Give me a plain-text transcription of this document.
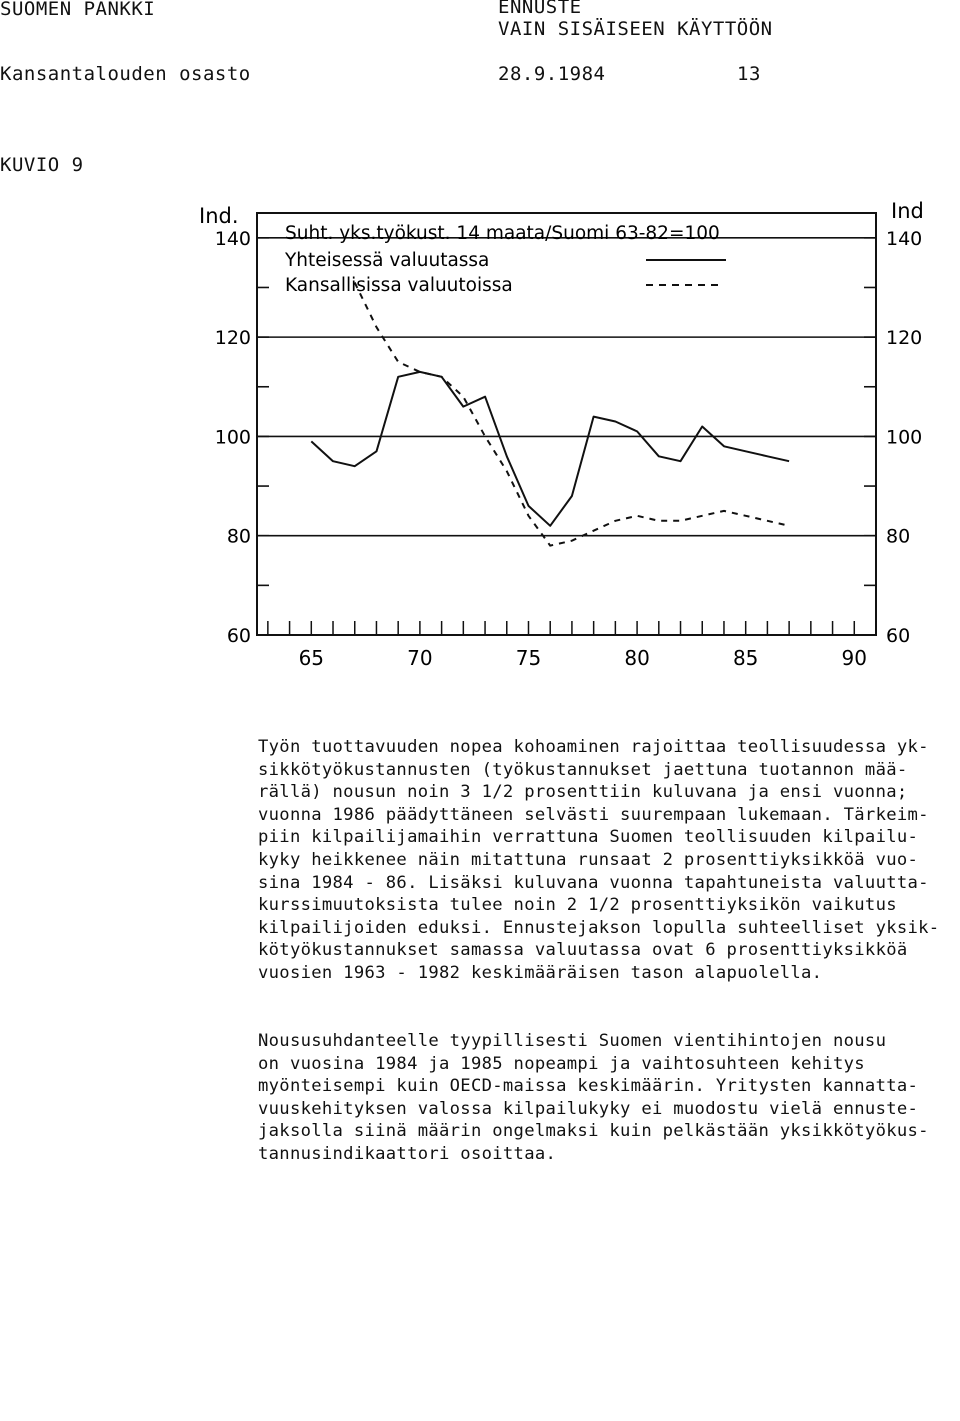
SUOMEN PANKKI	ENNUSTE
VAIN SISÄISEEN KÄYTTÖÖN
Kansantalouden osasto	28.9.1984	13
KUVIO 9
60	60
80	80
100	100
120	120
140	140
65	70	75	80	85	90
Ind.	Ind
Suht. yks.työkust. 14 maata/Suomi 63-82=100
Yhteisessä valuutassa
Kansallisissa valuutoissa
Työn tuottavuuden nopea kohoaminen rajoittaa teollisuudessa yk-
sikkötyökustannusten (työkustannukset jaettuna tuotannon mää-
rällä) nousun noin 3 1/2 prosenttiin kuluvana ja ensi vuonna;
vuonna 1986 päädyttäneen selvästi suurempaan lukemaan. Tärkeim-
piin kilpailijamaihin verrattuna Suomen teollisuuden kilpailu-
kyky heikkenee näin mitattuna runsaat 2 prosenttiyksikköä vuo-
sina 1984 - 86. Lisäksi kuluvana vuonna tapahtuneista valuutta-
kurssimuutoksista tulee noin 2 1/2 prosenttiyksikön vaikutus
kilpailijoiden eduksi. Ennustejakson lopulla suhteelliset yksik-
kötyökustannukset samassa valuutassa ovat 6 prosenttiyksikköä
vuosien 1963 - 1982 keskimääräisen tason alapuolella.
Noususuhdanteelle tyypillisesti Suomen vientihintojen nousu
on vuosina 1984 ja 1985 nopeampi ja vaihtosuhteen kehitys
myönteisempi kuin OECD-maissa keskimäärin. Yritysten kannatta-
vuuskehityksen valossa kilpailukyky ei muodostu vielä ennuste-
jaksolla siinä määrin ongelmaksi kuin pelkästään yksikkötyökus-
tannusindikaattori osoittaa.
